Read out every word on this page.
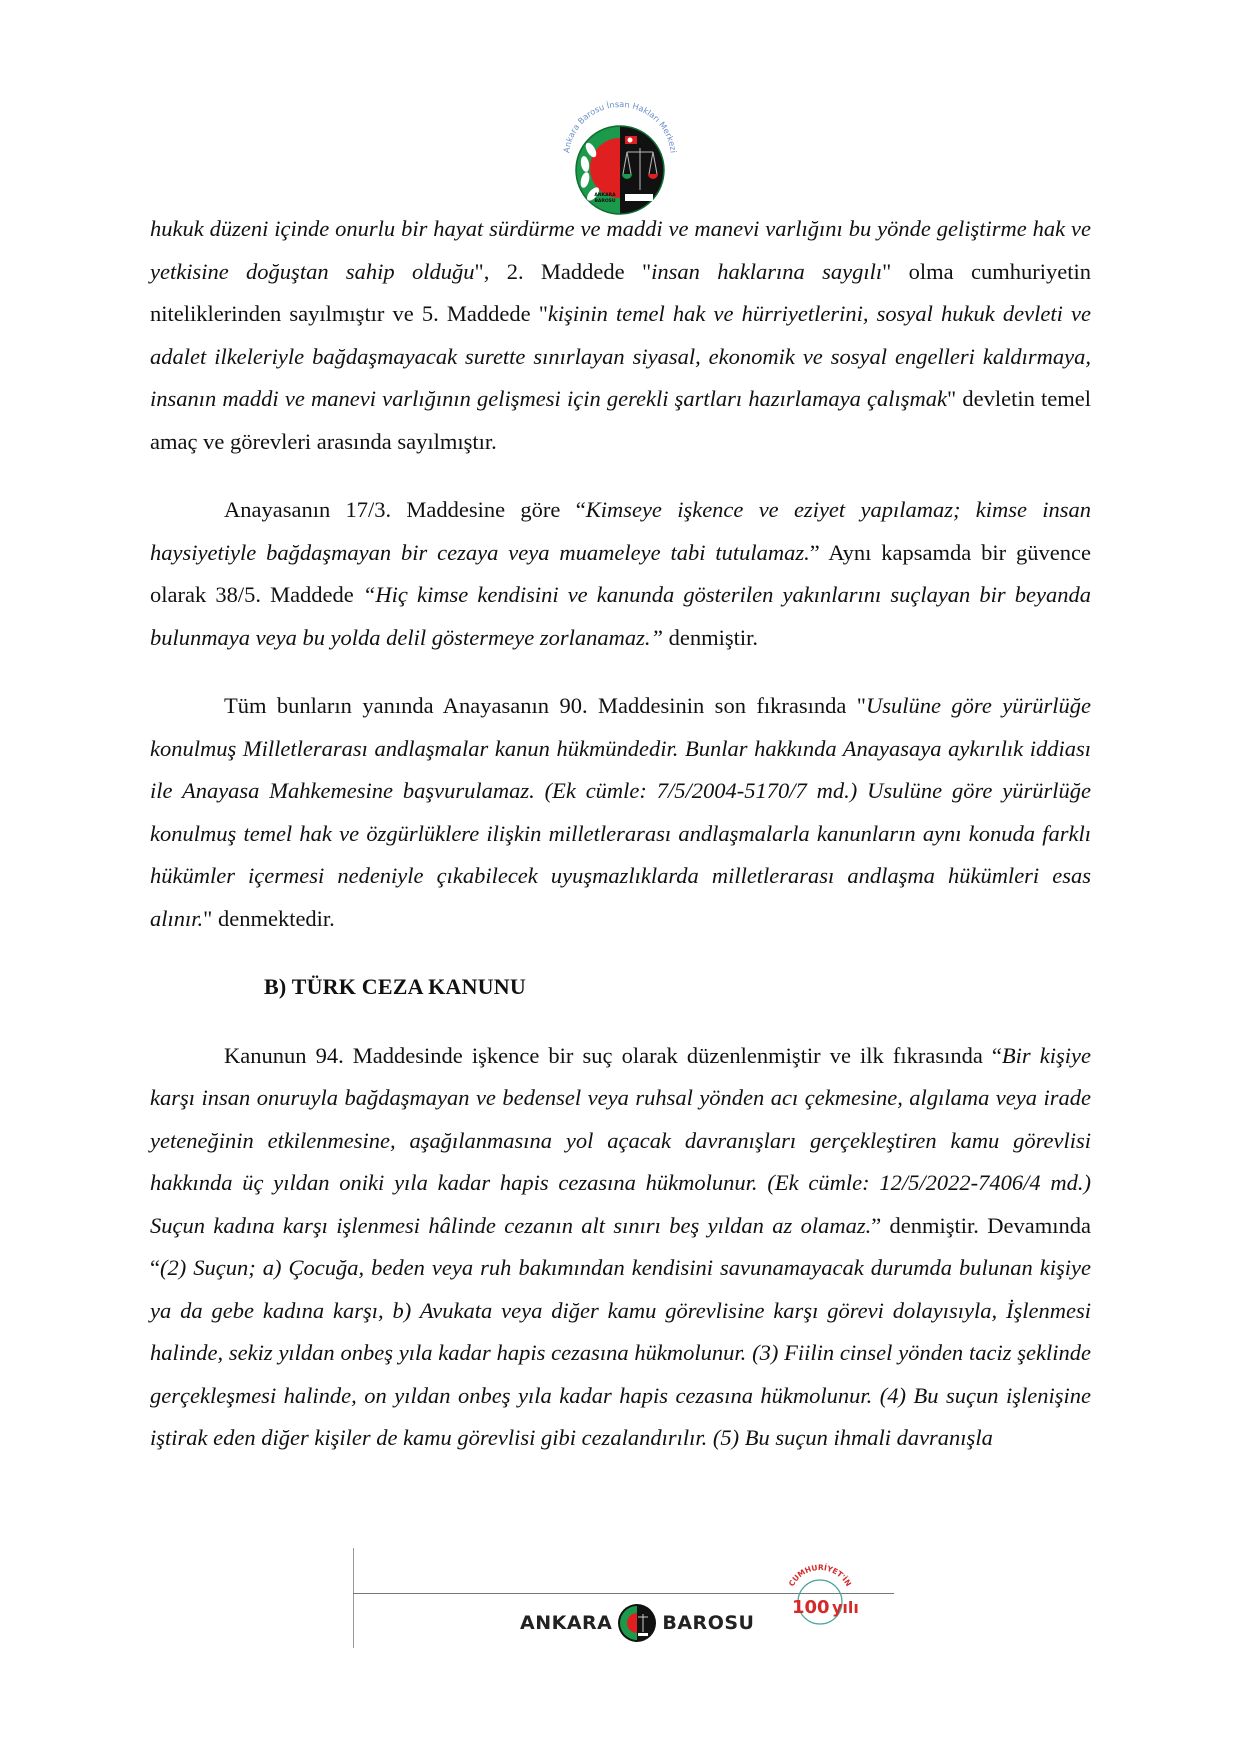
Ankara Barosu İnsan Hakları Merkezi
ANKARA
BAROSU

hukuk düzeni içinde onurlu bir hayat sürdürme ve maddi ve manevi varlığını bu yönde geliştirme hak ve yetkisine doğuştan sahip olduğu", 2. Maddede "insan haklarına saygılı" olma cumhuriyetin niteliklerinden sayılmıştır ve 5. Maddede "kişinin temel hak ve hürriyetlerini, sosyal hukuk devleti ve adalet ilkeleriyle bağdaşmayacak surette sınırlayan siyasal, ekonomik ve sosyal engelleri kaldırmaya, insanın maddi ve manevi varlığının gelişmesi için gerekli şartları hazırlamaya çalışmak" devletin temel amaç ve görevleri arasında sayılmıştır.

Anayasanın 17/3. Maddesine göre “Kimseye işkence ve eziyet yapılamaz; kimse insan haysiyetiyle bağdaşmayan bir cezaya veya muameleye tabi tutulamaz.” Aynı kapsamda bir güvence olarak 38/5. Maddede “Hiç kimse kendisini ve kanunda gösterilen yakınlarını suçlayan bir beyanda bulunmaya veya bu yolda delil göstermeye zorlanamaz.” denmiştir.

Tüm bunların yanında Anayasanın 90. Maddesinin son fıkrasında "Usulüne göre yürürlüğe konulmuş Milletlerarası andlaşmalar kanun hükmündedir. Bunlar hakkında Anayasaya aykırılık iddiası ile Anayasa Mahkemesine başvurulamaz. (Ek cümle: 7/5/2004-5170/7 md.) Usulüne göre yürürlüğe konulmuş temel hak ve özgürlüklere ilişkin milletlerarası andlaşmalarla kanunların aynı konuda farklı hükümler içermesi nedeniyle çıkabilecek uyuşmazlıklarda milletlerarası andlaşma hükümleri esas alınır." denmektedir.

B) TÜRK CEZA KANUNU

Kanunun 94. Maddesinde işkence bir suç olarak düzenlenmiştir ve ilk fıkrasında “Bir kişiye karşı insan onuruyla bağdaşmayan ve bedensel veya ruhsal yönden acı çekmesine, algılama veya irade yeteneğinin etkilenmesine, aşağılanmasına yol açacak davranışları gerçekleştiren kamu görevlisi hakkında üç yıldan oniki yıla kadar hapis cezasına hükmolunur. (Ek cümle: 12/5/2022-7406/4 md.) Suçun kadına karşı işlenmesi hâlinde cezanın alt sınırı beş yıldan az olamaz.” denmiştir. Devamında “(2) Suçun; a) Çocuğa, beden veya ruh bakımından kendisini savunamayacak durumda bulunan kişiye ya da gebe kadına karşı, b) Avukata veya diğer kamu görevlisine karşı görevi dolayısıyla, İşlenmesi halinde, sekiz yıldan onbeş yıla kadar hapis cezasına hükmolunur. (3) Fiilin cinsel yönden taciz şeklinde gerçekleşmesi halinde, on yıldan onbeş yıla kadar hapis cezasına hükmolunur. (4) Bu suçun işlenişine iştirak eden diğer kişiler de kamu görevlisi gibi cezalandırılır. (5) Bu suçun ihmali davranışla

ANKARA	BAROSU
CUMHURİYET'İN
100 yılı
